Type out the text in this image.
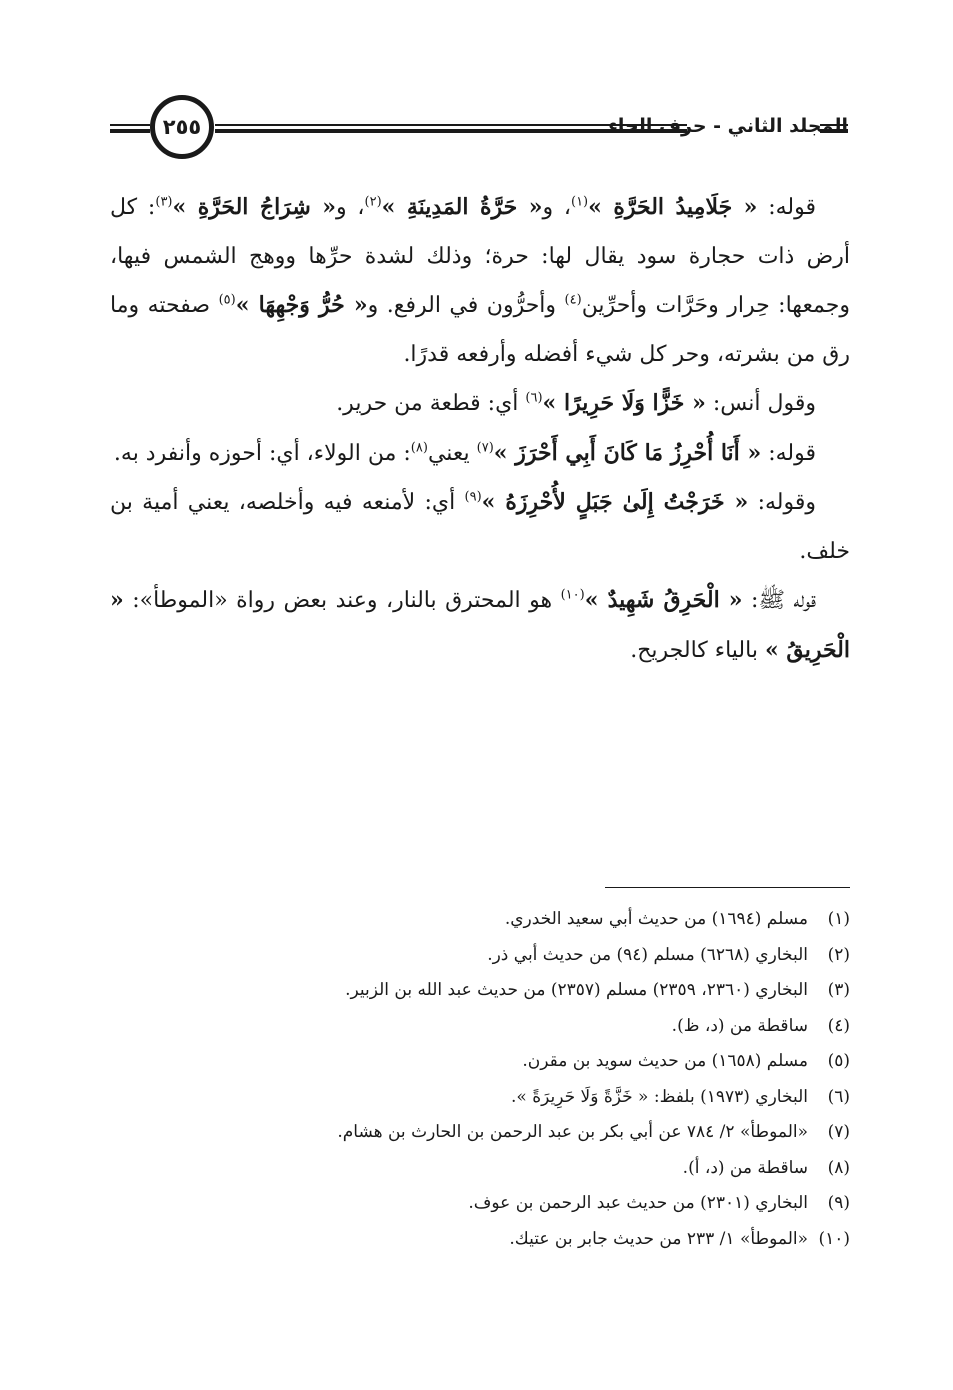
المجلد الثاني - حرف الحاء
٢٥٥

قوله: « جَلَامِيدُ الحَرَّةِ »$^{(١)}$، و« حَرَّةُ المَدِينَةِ »$^{(٢)}$، و« شِرَاجُ الحَرَّةِ »$^{(٣)}$: كل أرض ذات حجارة سود يقال لها: حرة؛ وذلك لشدة حرِّها ووهج الشمس فيها، وجمعها: حِرار وحَرَّات وأحرِّين$^{(٤)}$ وأحرُّون في الرفع. و« حُرُّ وَجْهِهَا »$^{(٥)}$ صفحته وما رق من بشرته، وحر كل شيء أفضله وأرفعه قدرًا.

وقول أنس: « خَزًّا وَلَا حَرِيرًا »$^{(٦)}$ أي: قطعة من حرير.

قوله: « أَنَا أُحْرِزُ مَا كَانَ أَبِي أَحْرَزَ »$^{(٧)}$ يعني$^{(٨)}$: من الولاء، أي: أحوزه وأنفرد به.

وقوله: « خَرَجْتُ إِلَىٰ جَبَلٍ لأُحْرِزَهُ »$^{(٩)}$ أي: لأمنعه فيه وأخلصه، يعني أمية بن خلف.

قوله ﷺ: « الْحَرِقُ شَهِيدٌ »$^{(١٠)}$ هو المحترق بالنار، وعند بعض رواة «الموطأ»: « الْحَرِيقُ » بالياء كالجريح.

(١)مسلم (١٦٩٤) من حديث أبي سعيد الخدري.
(٢)البخاري (٦٢٦٨) مسلم (٩٤) من حديث أبي ذر.
(٣)البخاري (٢٣٦٠، ٢٣٥٩) مسلم (٢٣٥٧) من حديث عبد الله بن الزبير.
(٤)ساقطة من (د، ظ).
(٥)مسلم (١٦٥٨) من حديث سويد بن مقرن.
(٦)البخاري (١٩٧٣) بلفظ: « خَزَّةً وَلَا حَرِيرَةً ».
(٧)«الموطأ» ٢/ ٧٨٤ عن أبي بكر بن عبد الرحمن بن الحارث بن هشام.
(٨)ساقطة من (د، أ).
(٩)البخاري (٢٣٠١) من حديث عبد الرحمن بن عوف.
(١٠)«الموطأ» ١/ ٢٣٣ من حديث جابر بن عتيك.
